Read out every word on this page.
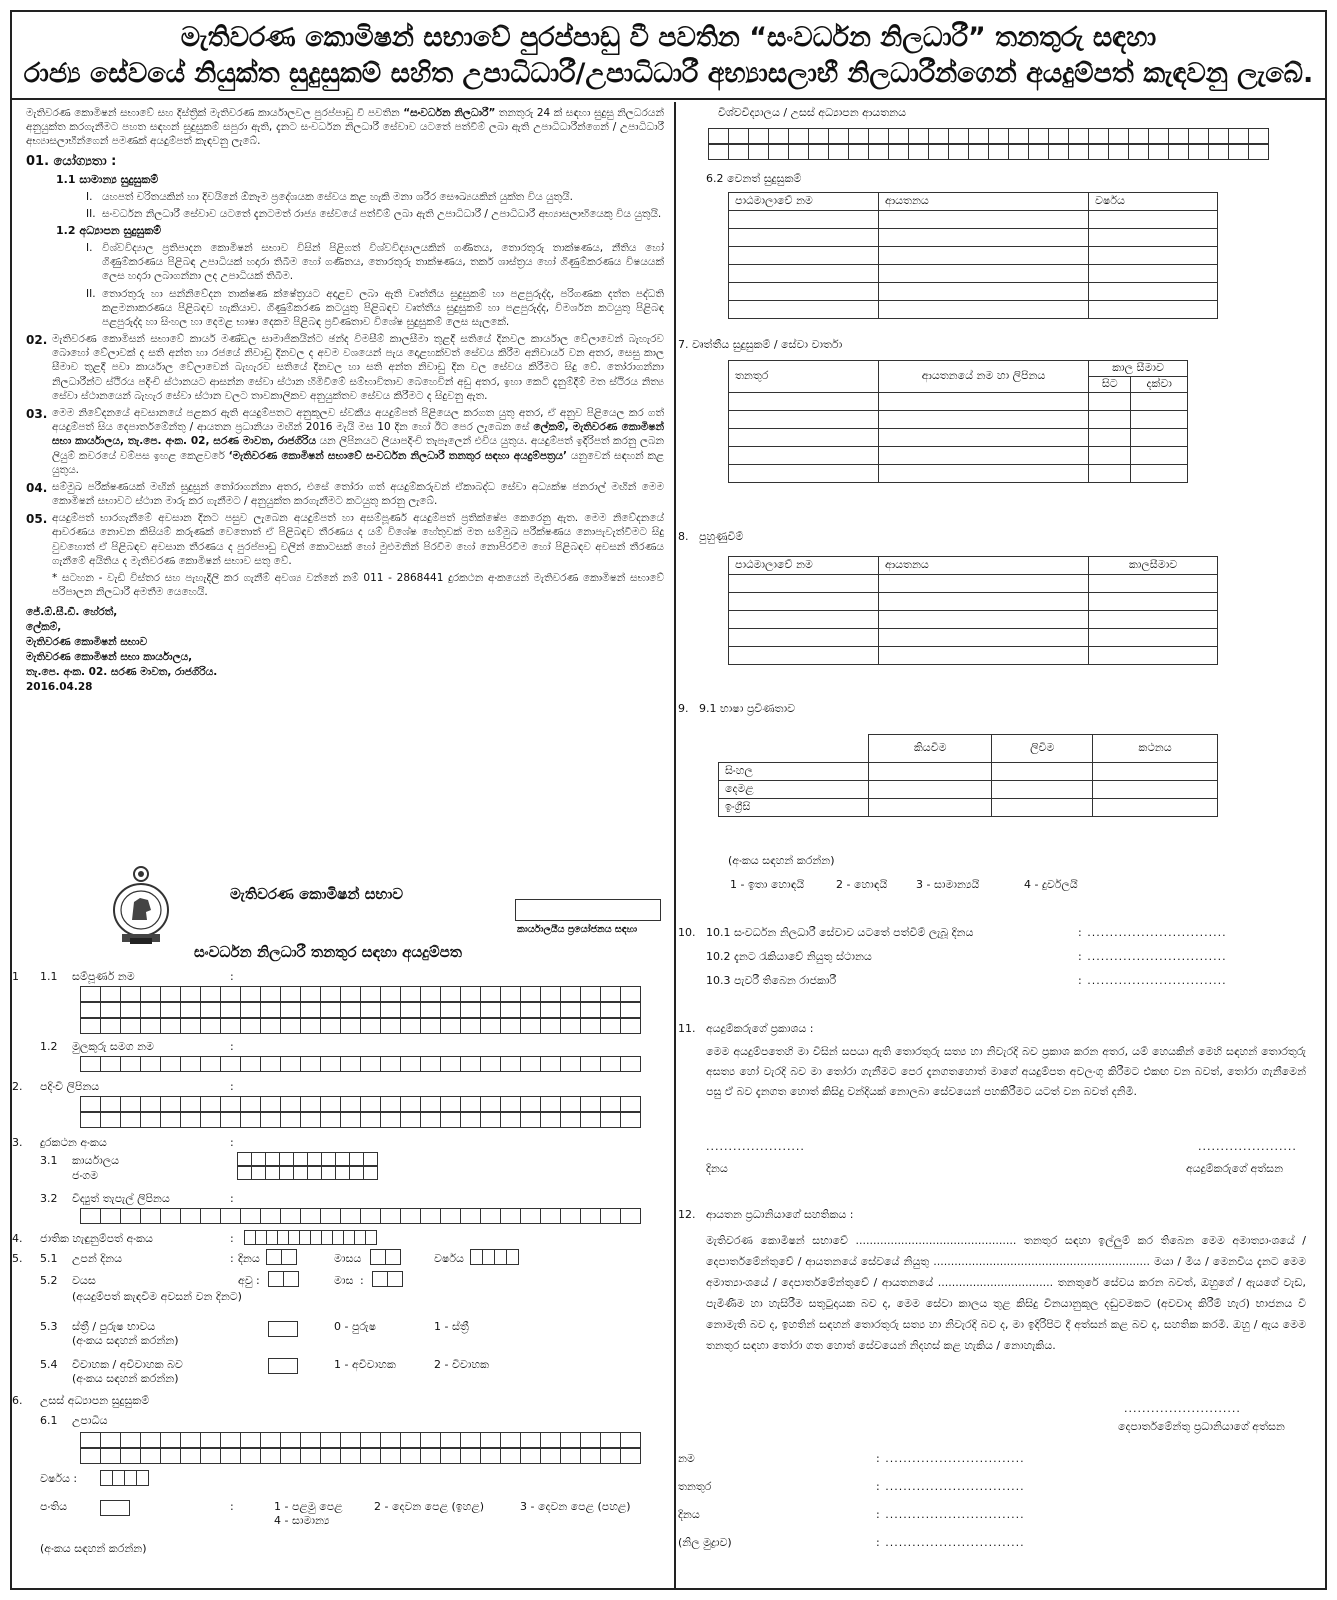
මැතිවරණ කොමිෂන් සභාවේ පුරප්පාඩු වී පවතින “සංවර්ධන නිලධාරී” තනතුරු සඳහා
රාජ්‍ය සේවයේ නියුක්ත සුදුසුකම් සහිත උපාධිධාරී/උපාධිධාරී අභ්‍යාසලාභී නිලධාරීන්ගෙන් අයදුම්පත් කැඳවනු ලැබේ.

මැතිවරණ කොමිෂන් සභාවේ සහ දිස්ත්‍රික් මැතිවරණ කාර්යාලවල පුරප්පාඩු වී පවතින “සංවර්ධන නිලධාරී” තනතුරු 24 ක් සඳහා සුදුසු නිලධරයන් අනුයුක්ත කරගැනීමට පහත සඳහන් සුදුසුකම් සපුරා ඇති, දැනට සංවර්ධන නිලධාරී සේවාව යටතේ පත්වීම් ලබා ඇති උපාධිධාරීන්ගෙන් / උපාධිධාරී අභ්‍යාසලාභීන්ගෙන් පමණක් අයදුම්පත් කැඳවනු ලැබේ.

01. යෝග්‍යතා :
1.1 සාමාන්‍ය සුදුසුකම්
I. යහපත් චරිතයකින් හා දිවයිනේ ඕනෑම ප්‍රදේශයක සේවය කළ හැකි මනා ශරීර සෞඛ්‍යයකින් යුක්ත විය යුතුයි.
II. සංවර්ධන නිලධාරී සේවාව යටතේ දැනටමත් රාජ්‍ය සේවයේ පත්වීම් ලබා ඇති උපාධිධාරී / උපාධිධාරී අභ්‍යාසලාභියෙකු විය යුතුයි.
1.2 අධ්‍යාපන සුදුසුකම්
I. විශ්වවිද්‍යාල ප්‍රතිපාදන කොමිෂන් සභාව විසින් පිළිගත් විශ්වවිද්‍යාලයකින් ගණිතය, තොරතුරු තාක්ෂණය, නීතිය හෝ ගිණුම්කරණය පිළිබඳ උපාධියක් හදාරා තිබීම හෝ ගණිතය, තොරතුරු තාක්ෂණය, තර්ක ශාස්ත්‍රය හෝ ගිණුම්කරණය විෂයයක් ලෙස හදාරා ලබාගන්නා ලද උපාධියක් තිබීම.
II. තොරතුරු හා සන්නිවේදන තාක්ෂණ ක්ෂේත්‍රයට අදාළව ලබා ඇති වෘත්තීය සුදුසුකම් හා පළපුරුද්ද, පරිගණක දත්ත පද්ධති කළමනාකරණය පිළිබඳව හැකියාව. ගිණුම්කරණ කටයුතු පිළිබඳව වෘත්තීය සුදුසුකම් හා පළපුරුද්ද, විමර්ශන කටයුතු පිළිබඳ පළපුරුද්ද හා සිංහල හා දෙමළ භාෂා දෙකම පිළිබඳ ප්‍රවීණතාව විශේෂ සුදුසුකම් ලෙස සැලකේ.
02. මැතිවරණ කොමිසන් සභාවේ කාර්ය මණ්ඩල සාමාජිකයින්ට ඡන්ද විමසීම් කාලසීමා තුළදී සතියේ දිනවල කාර්යාල වේලාවෙන් බැහැරව බොහෝ වේලාවක් ද සති අන්ත හා රජයේ නිවාඩු දිනවල ද අවම වශයෙන් පැය දොළහක්වත් සේවය කිරීම අනිවාර්ය වන අතර, සෙසු කාල සීමාව තුළදී පවා කාර්යාල වේලාවෙන් බැහැරව සතියේ දිනවල හා සති අන්ත නිවාඩු දින වල සේවය කිරීමට සිදු වේ. තෝරාගන්නා නිලධාරීන්ට ස්ථිරය පදිංචි ස්ථානයට ආසන්න සේවා ස්ථාන හිමිවීමේ සම්භාවිතාව බෙහෙවින් අඩු අතර, ඉහා කෙටි දැනුම්දීම් මත ස්ථිරය නිත්‍ය සේවා ස්ථානයෙන් බැහැර සේවා ස්ථාන වලට තාවකාලිකව අනුයුක්තව සේවය කිරීමට ද සිදුවනු ඇත.
03. මෙම නිවේදනයේ අවසානයේ පළකර ඇති අයදුම්පතට අනුකූලව ස්වකීය අයදුම්පත් පිළියෙල කරගත යුතු අතර, ඒ අනුව පිළියෙල කර ගත් අයදුම්පත් සිය දෙපාර්තමේන්තු / ආයතන ප්‍රධානියා මඟින් 2016 මැයි මස 10 දින හෝ ඊට පෙර ලැබෙන සේ ලේකම්, මැතිවරණ කොමිෂන් සභා කාර්යාලය, තැ.පෙ. අංක. 02, සරණ මාවත, රාජගිරිය යන ලිපිනයට ලියාපදිංචි තැපෑලෙන් එවිය යුතුය. අයදුම්පත් ඉදිරිපත් කරනු ලබන ලියුම් කවරයේ වම්පස ඉහළ කෙළවරේ ‘මැතිවරණ කොමිෂන් සභාවේ සංවර්ධන නිලධාරී තනතුර සඳහා අයදුම්පත්‍රය’ යනුවෙන් සඳහන් කළ යුතුය.
04. සම්මුඛ පරීක්ෂණයක් මඟින් සුදුසුන් තෝරාගන්නා අතර, එසේ තෝරා ගත් අයදුම්කරුවන් ඒකාබද්ධ සේවා අධ්‍යක්ෂ ජනරාල් මඟින් මෙම කොමිෂන් සභාවට ස්ථාන මාරු කර ගැනීමට / අනුයුක්ත කරගැනීමට කටයුතු කරනු ලැබේ.
05. අයදුම්පත් භාරගැනීමේ අවසාන දිනට පසුව ලැබෙන අයදුම්පත් හා අසම්පූර්ණ අයදුම්පත් ප්‍රතික්ෂේප කෙරෙනු ඇත. මෙම නිවේදනයේ ආවරණය නොවන කිසියම් කරුණක් වෙතොත් ඒ පිළිබඳව තීරණය ද යම් විශේෂ හේතුවක් මත සම්මුඛ පරීක්ෂණය නොපැවැත්වීමට සිදු වුවහොත් ඒ පිළිබඳව අවසාන තීරණය ද පුරප්පාඩු වලින් කොටසක් හෝ මුළුමනින් පිරවීම හෝ නොපිරවීම හෝ පිළිබඳව අවසන් තීරණය ගැනීමේ අයිතිය ද මැතිවරණ කොමිෂන් සභාව සතු වේ.
* සටහන - වැඩි විස්තර සහ පැහැදිලි කර ගැනීම් අවශ්‍ය වන්නේ නම් 011 - 2868441 දුරකථන අංකයෙන් මැතිවරණ කොමිෂන් සභාවේ පරිපාලන නිලධාරී අමතීම යෙහෙයි.
ජේ.ඕ.සී.ඩී. හේරත්,
ලේකම්,
මැතිවරණ කොමිෂන් සභාව
මැතිවරණ කොමිෂන් සභා කාර්යාලය,
තැ.පෙ. අංක. 02. සරණ මාවත, රාජගිරිය.
2016.04.28
මැතිවරණ කොමිෂන් සභාව
කාර්යාලයීය ප්‍රයෝජනය සඳහා
සංවර්ධන නිලධාරී තනතුර සඳහා අයදුම්පත
1 1.1 සම්පූර්ණ නම	:
1.2 මුලකුරු සමග නම	:
2. පදිංචි ලිපිනය	:
3. දුරකථන අංකය	:
3.1 කාර්යාලය
ජංගම
3.2 විද්‍යුත් තැපැල් ලිපිනය	:
4. ජාතික හැඳුනුම්පත් අංකය	:
5. 5.1 උපන් දිනය	: දිනය	මාසය	වර්ෂය
5.2 වයස
(අයදුම්පත් කැඳවීම අවසන් වන දිනට)
අවු :	මාස :
5.3 ස්ත්‍රී / පුරුෂ භාවය
(අංකය සඳහන් කරන්න)
0 - පුරුෂ	1 - ස්ත්‍රී
5.4 විවාහක / අවිවාහක බව
(අංකය සඳහන් කරන්න)
1 - අවිවාහක	2 - විවාහක
6. උසස් අධ්‍යාපන සුදුසුකම්
6.1 උපාධිය
වර්ෂය :
පංතිය	:	1 - පළමු පෙළ	2 - දෙවන පෙළ (ඉහළ)	3 - දෙවන පෙළ (පහළ)
4 - සාමාන්‍ය
(අංකය සඳහන් කරන්න)
විශ්වවිද්‍යාලය / උසස් අධ්‍යාපන ආයතනය
6.2 වෙනත් සුදුසුකම්
පාඨමාලාවේ නම	ආයතනය	වර්ෂය

7. වෘත්තීය සුදුසුකම් / සේවා වාර්තා
තනතුර	ආයතනයේ නම හා ලිපිනය	කාල සීමාව	
		සිට	දක්වා

8. පුහුණුවීම්
පාඨමාලාවේ නම	ආයතනය	කාලසීමාව

9. 9.1 භාෂා ප්‍රවීණතාව
	කියවීම	ලිවීම	කථනය
සිංහල			
දෙමළ			
ඉංග්‍රීසි			
(අංකය සඳහන් කරන්න)
1 - ඉතා හොඳයි	2 - හොඳයි	3 - සාමාන්‍යයි	4 - දුර්වලයි
10. 10.1 සංවර්ධන නිලධාරී සේවාව යටතේ පත්වීම් ලැබූ දිනය	: ...............................
10.2 දැනට රැකියාවේ නියුතු ස්ථානය	: ...............................
10.3 පැවරී තිබෙන රාජකාරී	: ...............................
11. අයදුම්කරුගේ ප්‍රකාශය :
මෙම අයදුම්පතෙහි මා විසින් සපයා ඇති තොරතුරු සත්‍ය හා නිවැරදි බව ප්‍රකාශ කරන අතර, යම් හෙයකින් මෙහි සඳහන් තොරතුරු අසත්‍ය හෝ වැරදි බව මා තෝරා ගැනීමට පෙර දැනගතහොත් මාගේ අයදුම්පත අවලංගු කිරීමට එකඟ වන බවත්, තෝරා ගැනීමෙන් පසු ඒ බව දැනගත හොත් කිසිදු වන්දියක් නොලබා සේවයෙන් පහකිරීමට යටත් වන බවත් දනිමි.
......................	......................
දිනය	අයදුම්කරුගේ අත්සන
12. ආයතන ප්‍රධානියාගේ සහතිකය :
මැතිවරණ කොමිෂන් සභාවේ .............................................. තනතුර සඳහා ඉල්ලුම් කර තිබෙන මෙම අමාත්‍යාංශයේ / දෙපාර්තමේන්තුවේ / ආයතනයේ සේවයේ නියුතු .............................................................. මයා / මිය / මෙනවිය දැනට මෙම අමාත්‍යාංශයේ / දෙපාර්තමේන්තුවේ / ආයතනයේ ................................. තනතුරේ සේවය කරන බවත්, ඔහුගේ / ඇයගේ වැඩ, පැමිණීම හා හැසිරීම සතුටුදායක බව ද, මෙම සේවා කාලය තුළ කිසිදු විනයානුකූල දඬුවමකට (අවවාද කිරීම් හැර) භාජනය වී නොමැති බව ද, ඉහතින් සඳහන් තොරතුරු සත්‍ය හා නිවැරදි බව ද, මා ඉදිරිපිට දී අත්සන් කළ බව ද, සහතික කරමි. ඔහු / ඇය මෙම තනතුර සඳහා තෝරා ගත හොත් සේවයෙන් නිදහස් කළ හැකිය / නොහැකිය.
..........................
දෙපාර්තමේන්තු ප්‍රධානියාගේ අත්සන
නම	: ...............................
තනතුර	: ...............................
දිනය	: ...............................
(නිල මුද්‍රාව)	: ...............................
